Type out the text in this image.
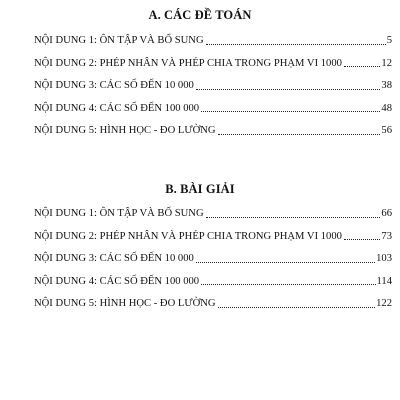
A. CÁC ĐỀ TOÁN
NỘI DUNG 1: ÔN TẬP VÀ BỔ SUNG	5
NỘI DUNG 2: PHÉP NHÂN VÀ PHÉP CHIA TRONG PHẠM VI 1000	12
NỘI DUNG 3: CÁC SỐ ĐẾN 10 000	38
NỘI DUNG 4: CÁC SỐ ĐẾN 100 000	48
NỘI DUNG 5: HÌNH HỌC - ĐO LƯỜNG	56
B. BÀI GIẢI
NỘI DUNG 1: ÔN TẬP VÀ BỔ SUNG	66
NỘI DUNG 2: PHÉP NHÂN VÀ PHÉP CHIA TRONG PHẠM VI 1000	73
NỘI DUNG 3: CÁC SỐ ĐẾN 10 000	103
NỘI DUNG 4: CÁC SỐ ĐẾN 100 000	114
NỘI DUNG 5: HÌNH HỌC - ĐO LƯỜNG	122
